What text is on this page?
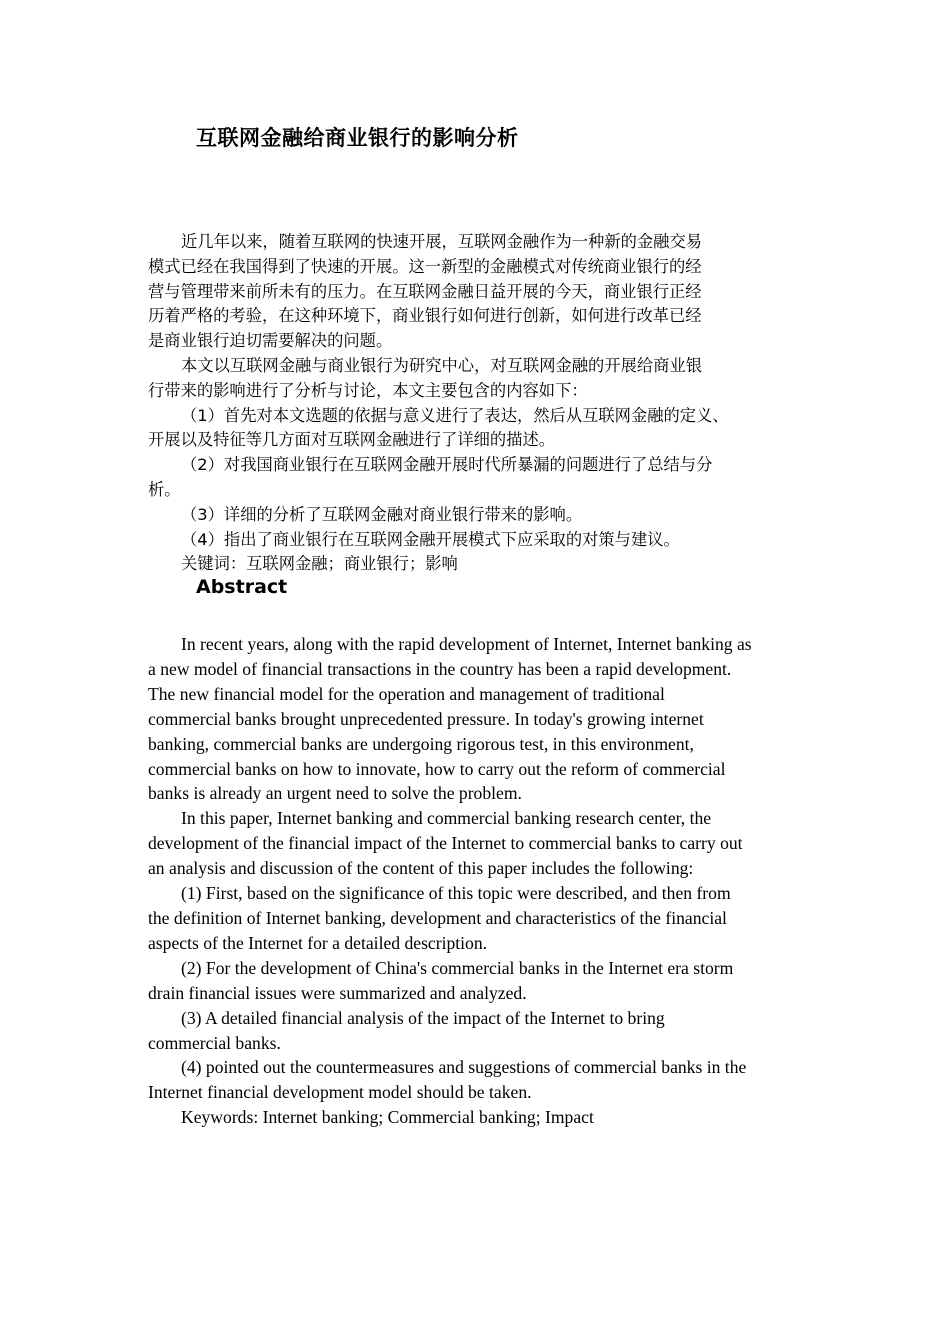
互联网金融给商业银行的影响分析

近几年以来，随着互联网的快速开展，互联网金融作为一种新的金融交易
模式已经在我国得到了快速的开展。这一新型的金融模式对传统商业银行的经
营与管理带来前所未有的压力。在互联网金融日益开展的今天，商业银行正经
历着严格的考验，在这种环境下，商业银行如何进行创新，如何进行改革已经
是商业银行迫切需要解决的问题。

本文以互联网金融与商业银行为研究中心，对互联网金融的开展给商业银
行带来的影响进行了分析与讨论，本文主要包含的内容如下：

（1）首先对本文选题的依据与意义进行了表达，然后从互联网金融的定义、
开展以及特征等几方面对互联网金融进行了详细的描述。

（2）对我国商业银行在互联网金融开展时代所暴漏的问题进行了总结与分
析。

（3）详细的分析了互联网金融对商业银行带来的影响。

（4）指出了商业银行在互联网金融开展模式下应采取的对策与建议。

关键词：互联网金融；商业银行；影响

Abstract

In recent years, along with the rapid development of Internet, Internet banking as
a new model of financial transactions in the country has been a rapid development.
The new financial model for the operation and management of traditional
commercial banks brought unprecedented pressure. In today's growing internet
banking, commercial banks are undergoing rigorous test, in this environment,
commercial banks on how to innovate, how to carry out the reform of commercial
banks is already an urgent need to solve the problem.

In this paper, Internet banking and commercial banking research center, the
development of the financial impact of the Internet to commercial banks to carry out
an analysis and discussion of the content of this paper includes the following:

(1) First, based on the significance of this topic were described, and then from
the definition of Internet banking, development and characteristics of the financial
aspects of the Internet for a detailed description.

(2) For the development of China's commercial banks in the Internet era storm
drain financial issues were summarized and analyzed.

(3) A detailed financial analysis of the impact of the Internet to bring
commercial banks.

(4) pointed out the countermeasures and suggestions of commercial banks in the
Internet financial development model should be taken.

Keywords: Internet banking; Commercial banking; Impact
